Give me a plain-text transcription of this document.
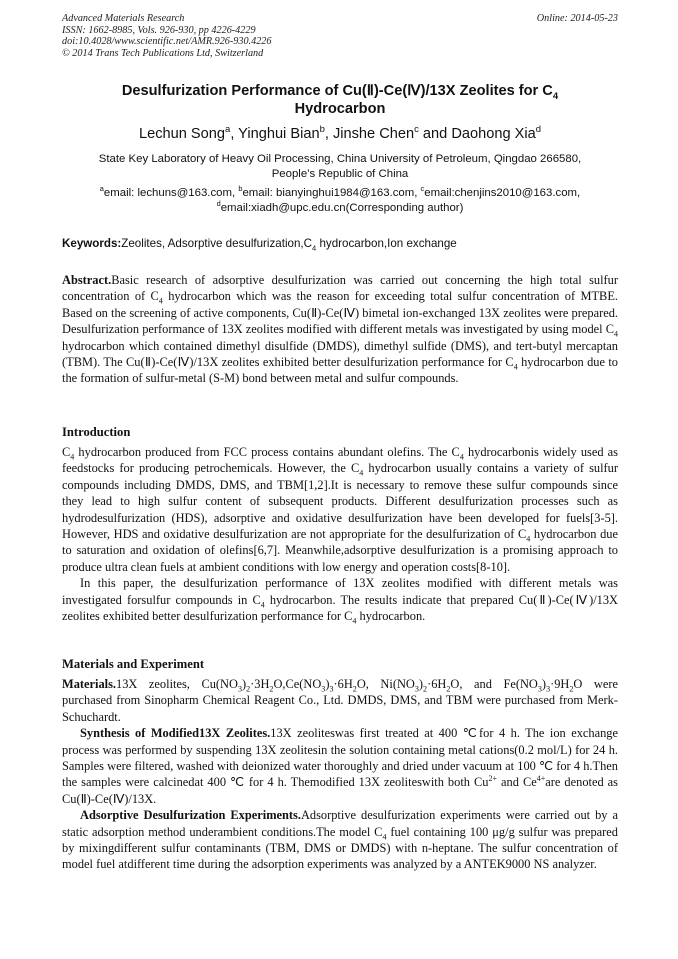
Advanced Materials Research
ISSN: 1662-8985, Vols. 926-930, pp 4226-4229
doi:10.4028/www.scientific.net/AMR.926-930.4226
© 2014 Trans Tech Publications Ltd, Switzerland
Online: 2014-05-23
Desulfurization Performance of Cu(Ⅱ)-Ce(Ⅳ)/13X Zeolites for $C_4$
Hydrocarbon
Lechun Song$^a$, Yinghui Bian$^b$, Jinshe Chen$^c$ and Daohong Xia$^d$
State Key Laboratory of Heavy Oil Processing, China University of Petroleum, Qingdao 266580,
People’s Republic of China
$^a$email: lechuns@163.com, $^b$email: bianyinghui1984@163.com, $^c$email:chenjins2010@163.com,
$^d$email:xiadh@upc.edu.cn(Corresponding author)
Keywords:Zeolites, Adsorptive $desulfurization,C_4$ hydrocarbon,Ion exchange

Abstract.Basic research of adsorptive desulfurization was carried out concerning the high total sulfur concentration of $C_4$ hydrocarbon which was the reason for exceeding total sulfur concentration of MTBE. Based on the screening of active components, Cu(Ⅱ)-Ce(Ⅳ) bimetal ion-exchanged 13X zeolites were prepared. Desulfurization performance of 13X zeolites modified with different metals was investigated by using model $C_4$ hydrocarbon which contained dimethyl disulfide (DMDS), dimethyl sulfide (DMS), and tert-butyl mercaptan (TBM). The Cu(Ⅱ)-Ce(Ⅳ)/13X zeolites exhibited better desulfurization performance for $C_4$ hydrocarbon due to the formation of sulfur-metal (S-M) bond between metal and sulfur compounds.

Introduction

$C_4$ hydrocarbon produced from FCC process contains abundant olefins. The $C_4$ hydrocarbonis widely used as feedstocks for producing petrochemicals. However, the $C_4$ hydrocarbon usually contains a variety of sulfur compounds including DMDS, DMS, and TBM[1,2].It is necessary to remove these sulfur compounds since they lead to high sulfur content of subsequent products. Different desulfurization processes such as hydrodesulfurization (HDS), adsorptive and oxidative desulfurization have been developed for fuels[3-5]. However, HDS and oxidative desulfurization are not appropriate for the desulfurization of $C_4$ hydrocarbon due to saturation and oxidation of olefins[6,7]. Meanwhile,adsorptive desulfurization is a promising approach to produce ultra clean fuels at ambient conditions with low energy and operation costs[8-10].

In this paper, the desulfurization performance of 13X zeolites modified with different metals was investigated forsulfur compounds in $C_4$ hydrocarbon. The results indicate that prepared Cu(Ⅱ)-Ce(Ⅳ)/13X zeolites exhibited better desulfurization performance for $C_4$ hydrocarbon.

Materials and Experiment

Materials.13X zeolites, $Cu(NO_3)_2\cdot 3H_2O,Ce(NO_3)_3\cdot 6H_2O$, $Ni(NO_3)_2\cdot 6H_2O$, and $Fe(NO_3)_3\cdot 9H_2O$ were purchased from Sinopharm Chemical Reagent Co., Ltd. DMDS, DMS, and TBM were purchased from Merk-Schuchardt.

Synthesis of Modified13X Zeolites.13X zeoliteswas first treated at 400 ℃for 4 h. The ion exchange process was performed by suspending 13X zeolitesin the solution containing metal cations(0.2 mol/L) for 24 h. Samples were filtered, washed with deionized water thoroughly and dried under vacuum at 100 ℃ for 4 h.Then the samples were calcinedat 400 ℃ for 4 h. Themodified 13X zeoliteswith both $Cu^{2+}$ and $Ce^{4+}are$ denoted as Cu(Ⅱ)-Ce(Ⅳ)/13X.

Adsorptive Desulfurization Experiments.Adsorptive desulfurization experiments were carried out by a static adsorption method underambient conditions.The model $C_4$ fuel containing 100 μg/g sulfur was prepared by mixingdifferent sulfur contaminants (TBM, DMS or DMDS) with n-heptane. The sulfur concentration of model fuel atdifferent time during the adsorption experiments was analyzed by a ANTEK9000 NS analyzer.
